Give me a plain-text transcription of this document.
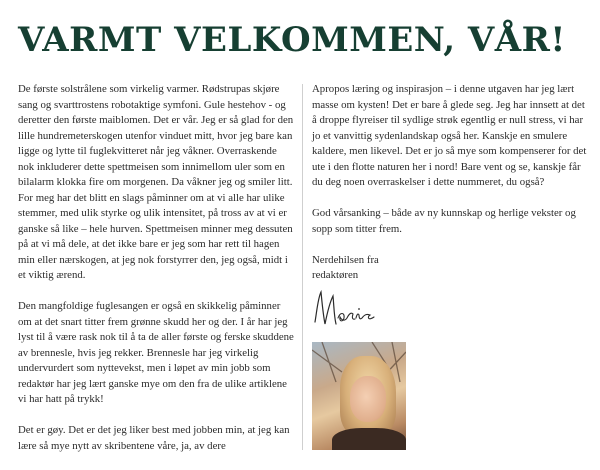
VARMT VELKOMMEN, VÅR!

De første solstrålene som virkelig varmer. Rødstrupas skjøre sang og svarttrostens robotaktige symfoni. Gule hestehov - og deretter den første maiblomen. Det er vår. Jeg er så glad for den lille hundremeterskogen utenfor vinduet mitt, hvor jeg bare kan ligge og lytte til fuglekvitteret når jeg våkner. Overraskende nok inkluderer dette spettmeisen som innimellom uler som en bilalarm klokka fire om morgenen. Da våkner jeg og smiler litt. For meg har det blitt en slags påminner om at vi alle har ulike stemmer, med ulik styrke og ulik intensitet, på tross av at vi er ganske så like – hele hurven. Spettmeisen minner meg dessuten på at vi må dele, at det ikke bare er jeg som har rett til hagen min eller nærskogen, at jeg nok forstyrrer den, jeg også, midt i et viktig ærend.

Den mangfoldige fuglesangen er også en skikkelig påminner om at det snart titter frem grønne skudd her og der. I år har jeg lyst til å være rask nok til å ta de aller første og ferske skuddene av brennesle, hvis jeg rekker. Brennesle har jeg virkelig undervurdert som nyttevekst, men i løpet av min jobb som redaktør har jeg lært ganske mye om den fra de ulike artiklene vi har hatt på trykk!

Det er gøy. Det er det jeg liker best med jobben min, at jeg kan lære så mye nytt av skribentene våre, ja, av dere

Apropos læring og inspirasjon – i denne utgaven har jeg lært masse om kysten! Det er bare å glede seg. Jeg har innsett at det å droppe flyreiser til sydlige strøk egentlig er null stress, vi har jo et vanvittig sydenlandskap også her. Kanskje en smulere kaldere, men likevel. Det er jo så mye som kompenserer for det ute i den flotte naturen her i nord! Bare vent og se, kanskje får du deg noen overraskelser i dette nummeret, du også?

God vårsanking – både av ny kunnskap og herlige vekster og sopp som titter frem.

Nerdehilsen fra
redaktøren
